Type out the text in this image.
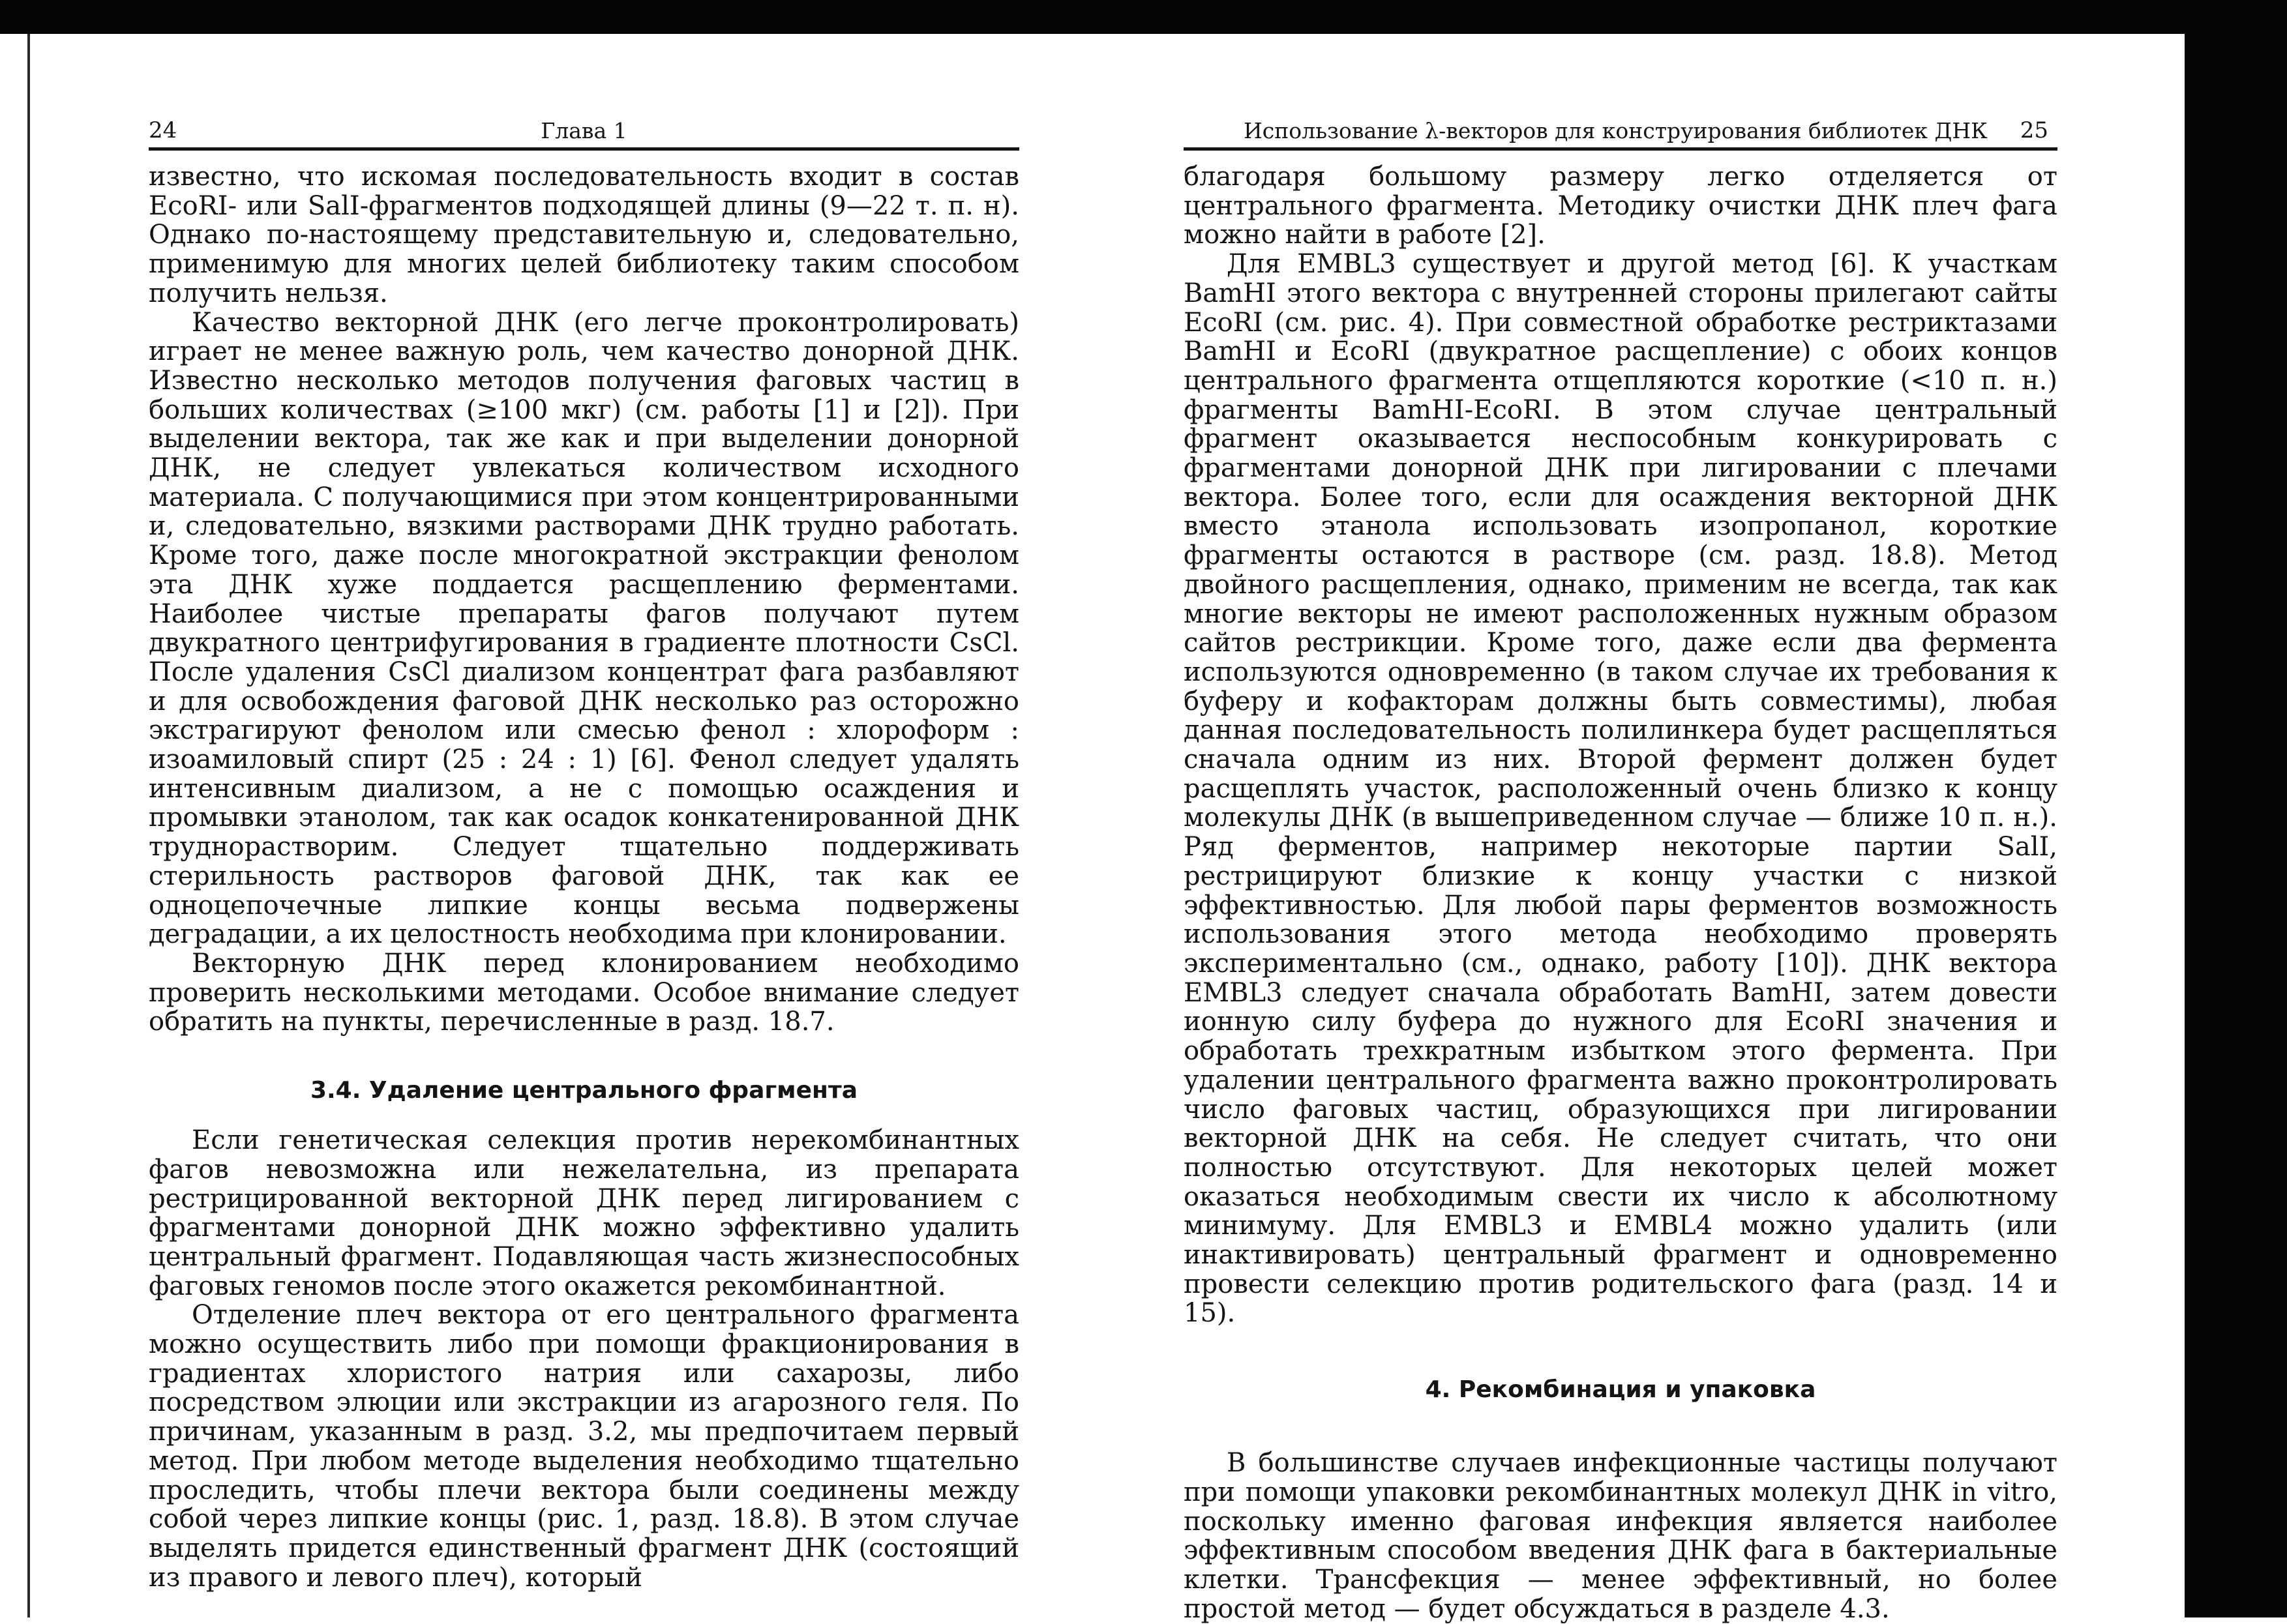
24	Глава 1

известно, что искомая последовательность входит в состав EcoRI- или SalI-фрагментов подходящей длины (9—22 т. п. н). Однако по-настоящему представительную и, следовательно, применимую для многих целей библиотеку таким способом получить нельзя.

Качество векторной ДНК (его легче проконтролировать) играет не менее важную роль, чем качество донорной ДНК. Известно несколько методов получения фаговых частиц в больших количествах (≥100 мкг) (см. работы [1] и [2]). При выделении вектора, так же как и при выделении донорной ДНК, не следует увлекаться количеством исходного материала. С получающимися при этом концентрированными и, следовательно, вязкими растворами ДНК трудно работать. Кроме того, даже после многократной экстракции фенолом эта ДНК хуже поддается расщеплению ферментами. Наиболее чистые препараты фагов получают путем двукратного центрифугирования в градиенте плотности CsCl. После удаления CsCl диализом концентрат фага разбавляют и для освобождения фаговой ДНК несколько раз осторожно экстрагируют фенолом или смесью фенол : хлороформ : изоамиловый спирт (25 : 24 : 1) [6]. Фенол следует удалять интенсивным диализом, а не с помощью осаждения и промывки этанолом, так как осадок конкатенированной ДНК труднорастворим. Следует тщательно поддерживать стерильность растворов фаговой ДНК, так как ее одноцепочечные липкие концы весьма подвержены деградации, а их целостность необходима при клонировании.

Векторную ДНК перед клонированием необходимо проверить несколькими методами. Особое внимание следует обратить на пункты, перечисленные в разд. 18.7.

3.4. Удаление центрального фрагмента

Если генетическая селекция против нерекомбинантных фагов невозможна или нежелательна, из препарата рестрицированной векторной ДНК перед лигированием с фрагментами донорной ДНК можно эффективно удалить центральный фрагмент. Подавляющая часть жизнеспособных фаговых геномов после этого окажется рекомбинантной.

Отделение плеч вектора от его центрального фрагмента можно осуществить либо при помощи фракционирования в градиентах хлористого натрия или сахарозы, либо посредством элюции или экстракции из агарозного геля. По причинам, указанным в разд. 3.2, мы предпочитаем первый метод. При любом методе выделения необходимо тщательно проследить, чтобы плечи вектора были соединены между собой через липкие концы (рис. 1, разд. 18.8). В этом случае выделять придется единственный фрагмент ДНК (состоящий из правого и левого плеч), который

Использование λ-векторов для конструирования библиотек ДНК 25

благодаря большому размеру легко отделяется от центрального фрагмента. Методику очистки ДНК плеч фага можно найти в работе [2].

Для EMBL3 существует и другой метод [6]. К участкам BamHI этого вектора с внутренней стороны прилегают сайты EcoRI (см. рис. 4). При совместной обработке рестриктазами BamHI и EcoRI (двукратное расщепление) с обоих концов центрального фрагмента отщепляются короткие (<10 п. н.) фрагменты BamHI-EcoRI. В этом случае центральный фрагмент оказывается неспособным конкурировать с фрагментами донорной ДНК при лигировании с плечами вектора. Более того, если для осаждения векторной ДНК вместо этанола использовать изопропанол, короткие фрагменты остаются в растворе (см. разд. 18.8). Метод двойного расщепления, однако, применим не всегда, так как многие векторы не имеют расположенных нужным образом сайтов рестрикции. Кроме того, даже если два фермента используются одновременно (в таком случае их требования к буферу и кофакторам должны быть совместимы), любая данная последовательность полилинкера будет расщепляться сначала одним из них. Второй фермент должен будет расщеплять участок, расположенный очень близко к концу молекулы ДНК (в вышеприведенном случае — ближе 10 п. н.). Ряд ферментов, например некоторые партии SalI, рестрицируют близкие к концу участки с низкой эффективностью. Для любой пары ферментов возможность использования этого метода необходимо проверять экспериментально (см., однако, работу [10]). ДНК вектора EMBL3 следует сначала обработать BamHI, затем довести ионную силу буфера до нужного для EcoRI значения и обработать трехкратным избытком этого фермента. При удалении центрального фрагмента важно проконтролировать число фаговых частиц, образующихся при лигировании векторной ДНК на себя. Не следует считать, что они полностью отсутствуют. Для некоторых целей может оказаться необходимым свести их число к абсолютному минимуму. Для EMBL3 и EMBL4 можно удалить (или инактивировать) центральный фрагмент и одновременно провести селекцию против родительского фага (разд. 14 и 15).

4. Рекомбинация и упаковка

В большинстве случаев инфекционные частицы получают при помощи упаковки рекомбинантных молекул ДНК in vitro, поскольку именно фаговая инфекция является наиболее эффективным способом введения ДНК фага в бактериальные клетки. Трансфекция — менее эффективный, но более простой метод — будет обсуждаться в разделе 4.3.
